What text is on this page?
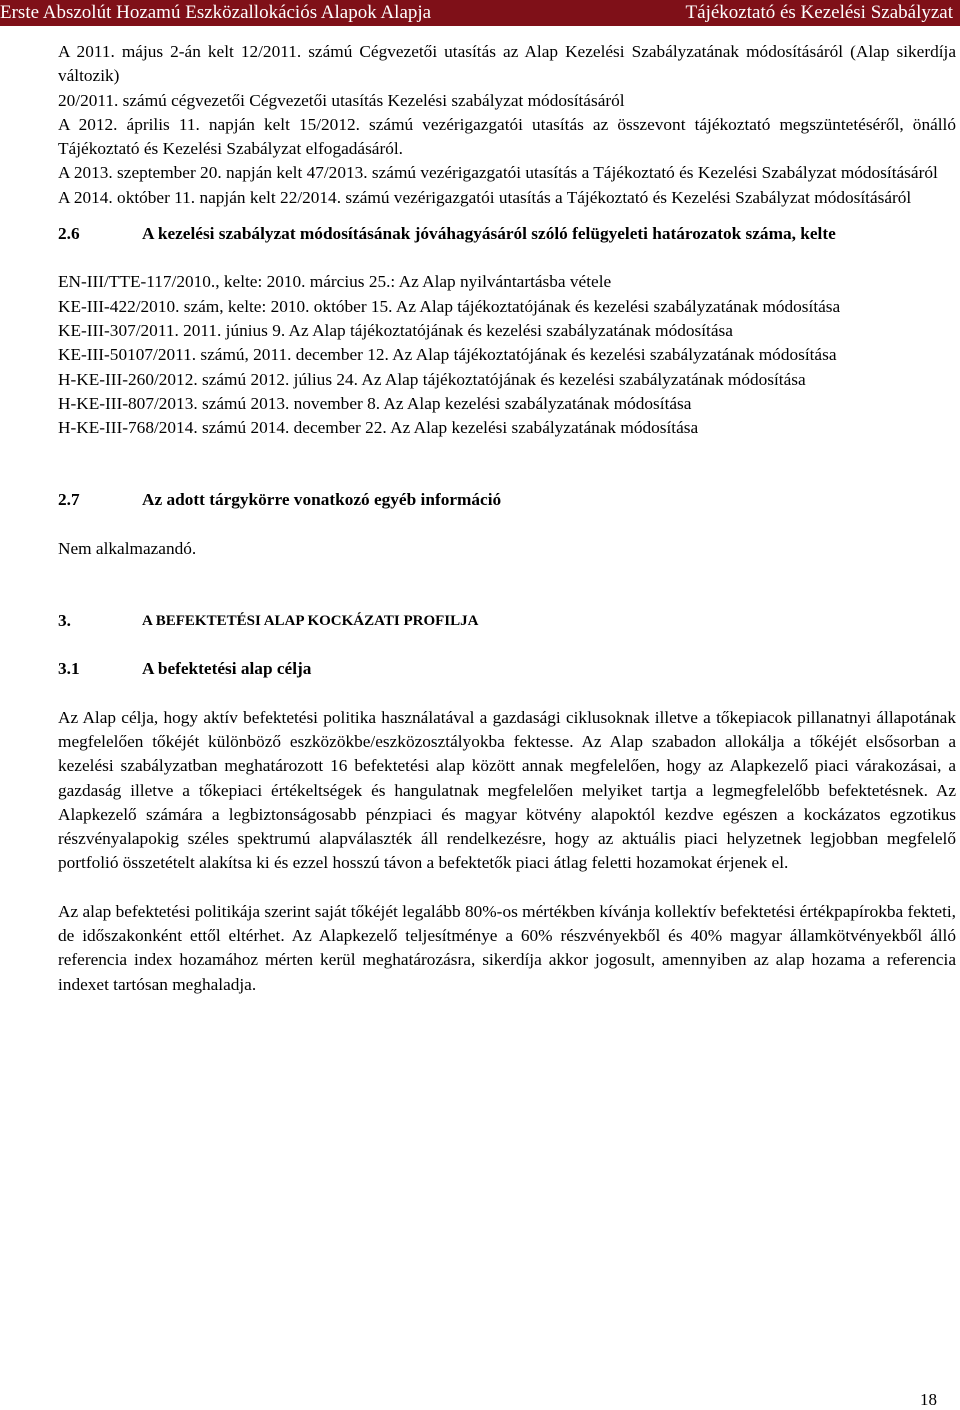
Erste Abszolút Hozamú Eszközallokációs Alapok Alapja	Tájékoztató és Kezelési Szabályzat

A 2011. május 2-án kelt 12/2011. számú Cégvezetői utasítás az Alap Kezelési Szabályzatának módosításáról (Alap sikerdíja változik)

20/2011. számú cégvezetői Cégvezetői utasítás Kezelési szabályzat módosításáról

A 2012. április 11. napján kelt 15/2012. számú vezérigazgatói utasítás az összevont tájékoztató megszüntetéséről, önálló Tájékoztató és Kezelési Szabályzat elfogadásáról.

A 2013. szeptember 20. napján kelt 47/2013. számú vezérigazgatói utasítás a Tájékoztató és Kezelési Szabályzat módosításáról

A 2014. október 11. napján kelt 22/2014. számú vezérigazgatói utasítás a Tájékoztató és Kezelési Szabályzat módosításáról

2.6	A kezelési szabályzat módosításának jóváhagyásáról szóló felügyeleti határozatok száma, kelte

EN-III/TTE-117/2010., kelte: 2010. március 25.: Az Alap nyilvántartásba vétele

KE-III-422/2010. szám, kelte: 2010. október 15. Az Alap tájékoztatójának és kezelési szabályzatának módosítása

KE-III-307/2011. 2011. június 9. Az Alap tájékoztatójának és kezelési szabályzatának módosítása

KE-III-50107/2011. számú, 2011. december 12. Az Alap tájékoztatójának és kezelési szabályzatának módosítása

H-KE-III-260/2012. számú 2012. július 24. Az Alap tájékoztatójának és kezelési szabályzatának módosítása

H-KE-III-807/2013. számú 2013. november 8. Az Alap kezelési szabályzatának módosítása

H-KE-III-768/2014. számú 2014. december 22. Az Alap kezelési szabályzatának módosítása

2.7	Az adott tárgykörre vonatkozó egyéb információ

Nem alkalmazandó.

3.	A BEFEKTETÉSI ALAP KOCKÁZATI PROFILJA
3.1	A befektetési alap célja

Az Alap célja, hogy aktív befektetési politika használatával a gazdasági ciklusoknak illetve a tőkepiacok pillanatnyi állapotának megfelelően tőkéjét különböző eszközökbe/eszközosztályokba fektesse. Az Alap szabadon allokálja a tőkéjét elsősorban a kezelési szabályzatban meghatározott 16 befektetési alap között annak megfelelően, hogy az Alapkezelő piaci várakozásai, a gazdaság illetve a tőkepiaci értékeltségek és hangulatnak megfelelően melyiket tartja a legmegfelelőbb befektetésnek. Az Alapkezelő számára a legbiztonságosabb pénzpiaci és magyar kötvény alapoktól kezdve egészen a kockázatos egzotikus részvényalapokig széles spektrumú alapválaszték áll rendelkezésre, hogy az aktuális piaci helyzetnek legjobban megfelelő portfolió összetételt alakítsa ki és ezzel hosszú távon a befektetők piaci átlag feletti hozamokat érjenek el.

Az alap befektetési politikája szerint saját tőkéjét legalább 80%-os mértékben kívánja kollektív befektetési értékpapírokba fekteti, de időszakonként ettől eltérhet. Az Alapkezelő teljesítménye a 60% részvényekből és 40% magyar államkötvényekből álló referencia index hozamához mérten kerül meghatározásra, sikerdíja akkor jogosult, amennyiben az alap hozama a referencia indexet tartósan meghaladja.

18
